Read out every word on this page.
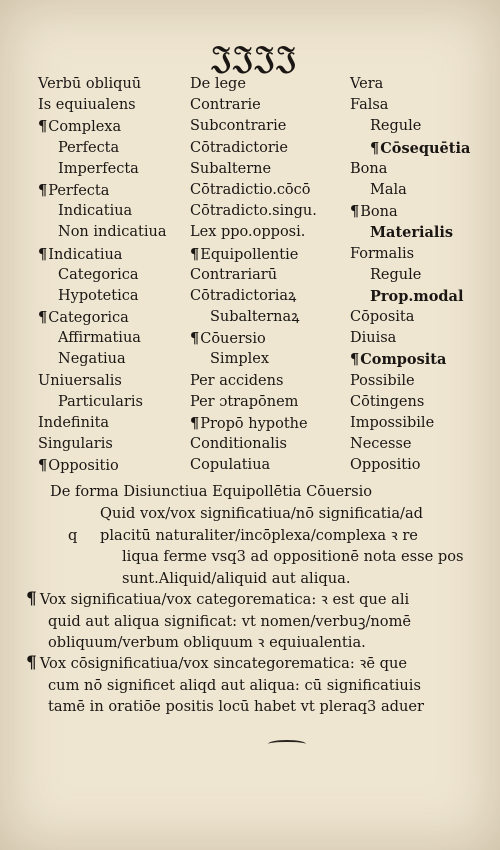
𝔍𝔍𝔍𝔍
Verbū obliquū
Is equiualens
¶ Complexa
Perfecta
Imperfecta
¶ Perfecta
Indicatiua
Non indicatiua
¶ Indicatiua
Categorica
Hypotetica
¶ Categorica
Affirmatiua
Negatiua
Uniuersalis
Particularis
Indefinita
Singularis
¶ Oppositio
De lege
Contrarie
Subcontrarie
Cōtradictorie
Subalterne
Cōtradictio.cōcō
Cōtradicto.singu.
Lex ppo.opposi.
¶ Equipollentie
Contrariarū
Cōtradictoriaꝝ
Subalternaꝝ
¶ Cōuersio
Simplex
Per accidens
Per ɔtrapōnem
¶ Propō hypothe
Conditionalis
Copulatiua
Vera
Falsa
Regule
¶ Cōsequētia
Bona
Mala
¶ Bona
Materialis
Formalis
Regule
Prop.modal
Cōposita
Diuisa
¶ Composita
Possibile
Cōtingens
Impossibile
Necesse
Oppositio
De forma Disiunctiua Equipollētia Cōuersio
Quid vox/vox significatiua/nō significatia/ad
q placitū naturaliter/incōplexa/complexa ꝛ re
liqua ferme vsq3 ad oppositionē nota esse pos
sunt.Aliquid/aliquid aut aliqua.
¶ Vox significatiua/vox categorematica: ꝛ est que ali
quid aut aliqua significat: vt nomen/verbuꝫ/nomē
obliquum/verbum obliquum ꝛ equiualentia.
¶ Vox cōsignificatiua/vox sincategorematica: ꝛē que
cum nō significet aliqd aut aliqua: cū significatiuis
tamē in oratiōe positis locū habet vt pleraq3 aduer
